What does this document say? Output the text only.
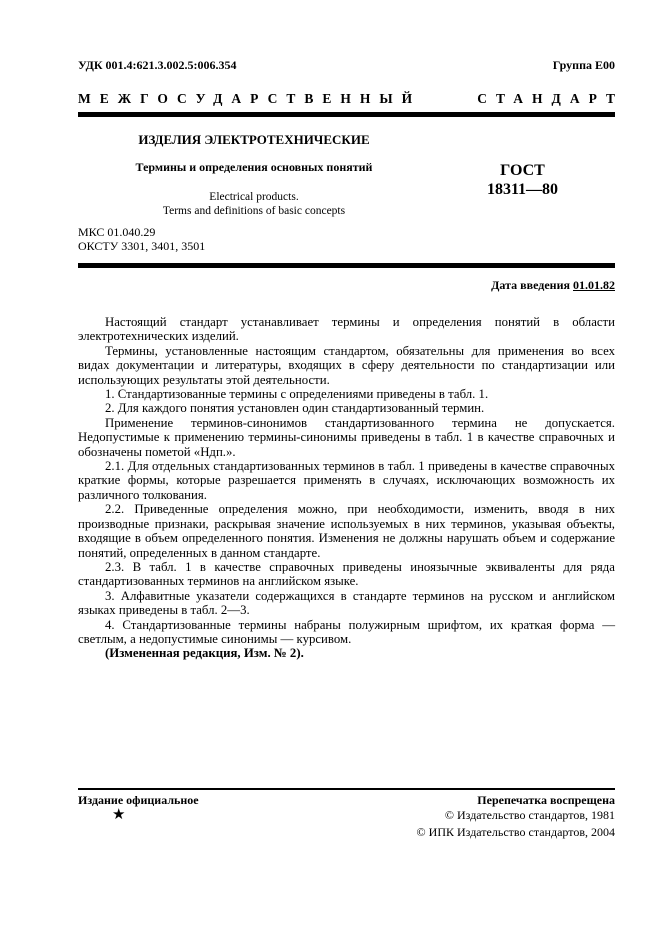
УДК 001.4:621.3.002.5:006.354	Группа Е00
МЕЖГОСУДАРСТВЕННЫЙ	СТАНДАРТ
ИЗДЕЛИЯ ЭЛЕКТРОТЕХНИЧЕСКИЕ
Термины и определения основных понятий
Electrical products.
Terms and definitions of basic concepts
ГОСТ
18311—80
МКС 01.040.29
ОКСТУ 3301, 3401, 3501
Дата введения 01.01.82

Настоящий стандарт устанавливает термины и определения понятий в области электротехнических изделий.

Термины, установленные настоящим стандартом, обязательны для применения во всех видах документации и литературы, входящих в сферу деятельности по стандартизации или использующих результаты этой деятельности.

1. Стандартизованные термины с определениями приведены в табл. 1.

2. Для каждого понятия установлен один стандартизованный термин.

Применение терминов-синонимов стандартизованного термина не допускается. Недопустимые к применению термины-синонимы приведены в табл. 1 в качестве справочных и обозначены пометой «Ндп.».

2.1. Для отдельных стандартизованных терминов в табл. 1 приведены в качестве справочных краткие формы, которые разрешается применять в случаях, исключающих возможность их различного толкования.

2.2. Приведенные определения можно, при необходимости, изменить, вводя в них производные признаки, раскрывая значение используемых в них терминов, указывая объекты, входящие в объем определенного понятия. Изменения не должны нарушать объем и содержание понятий, определенных в данном стандарте.

2.3. В табл. 1 в качестве справочных приведены иноязычные эквиваленты для ряда стандартизованных терминов на английском языке.

3. Алфавитные указатели содержащихся в стандарте терминов на русском и английском языках приведены в табл. 2—3.

4. Стандартизованные термины набраны полужирным шрифтом, их краткая форма — светлым, а недопустимые синонимы — курсивом.

(Измененная редакция, Изм. № 2).

Издание официальное	Перепечатка воспрещена
★	© Издательство стандартов, 1981
© ИПК Издательство стандартов, 2004
